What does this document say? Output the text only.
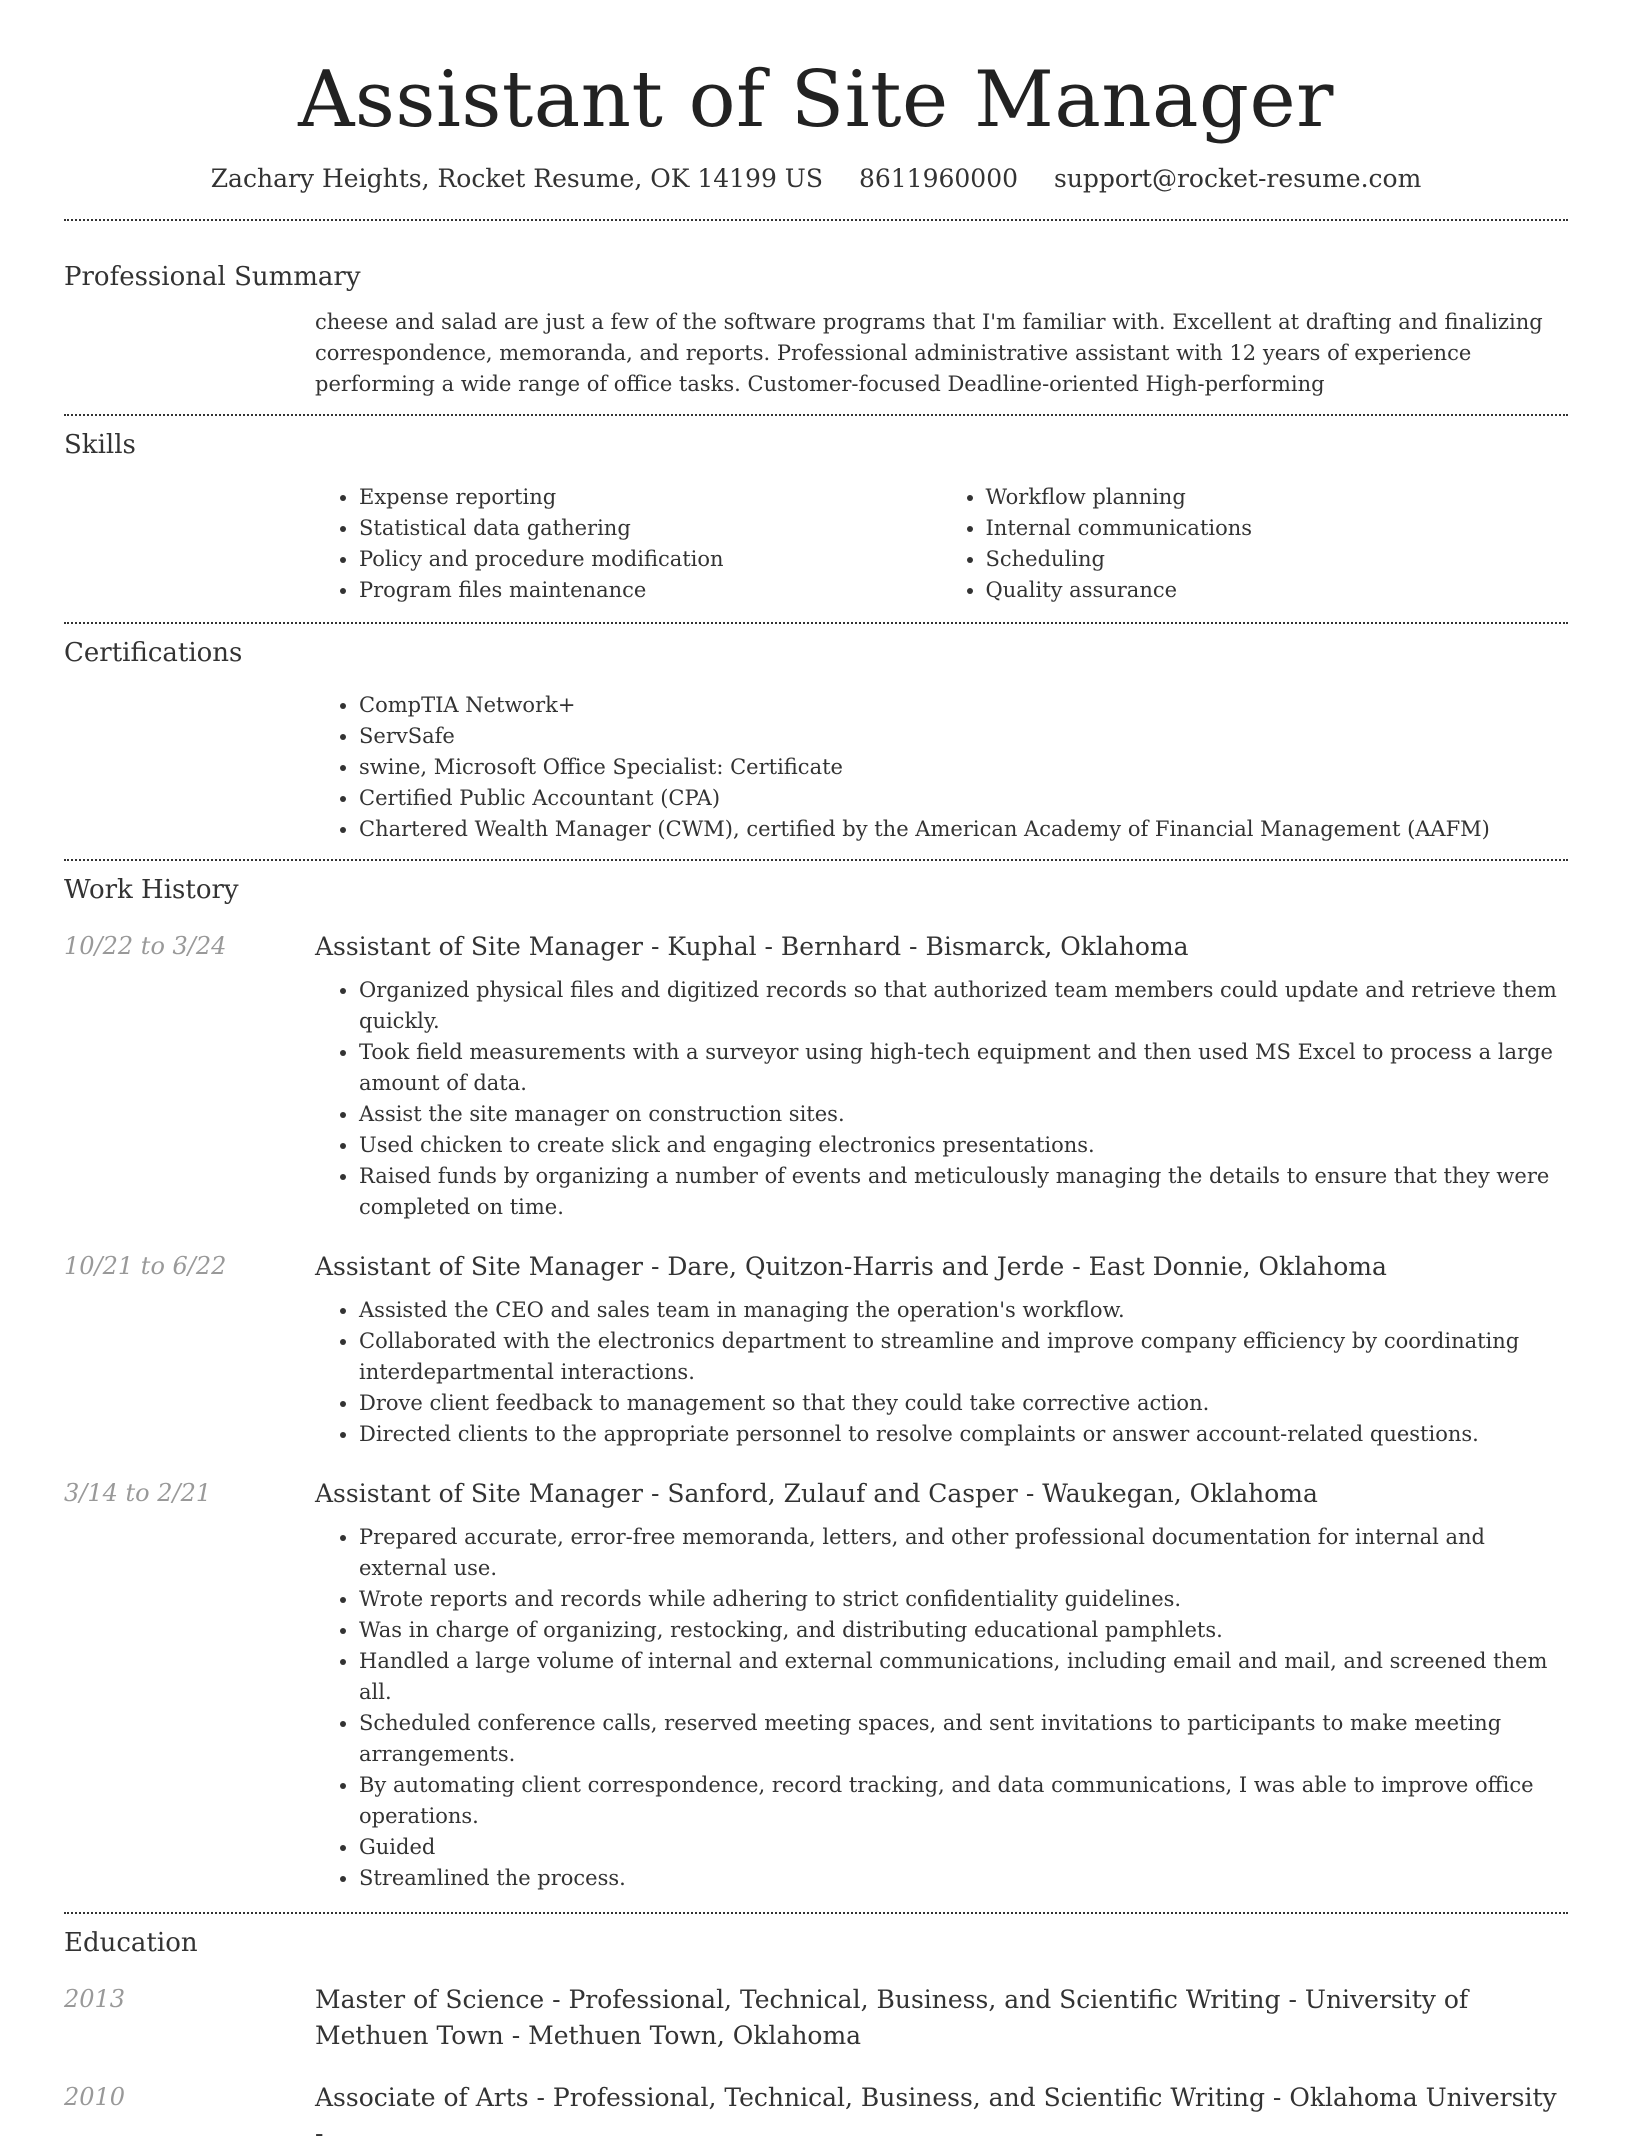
Assistant of Site Manager
Zachary Heights, Rocket Resume, OK 14199 US 8611960000 support@rocket-resume.com
Professional Summary
cheese and salad are just a few of the software programs that I'm familiar with. Excellent at drafting and finalizing correspondence, memoranda, and reports. Professional administrative assistant with 12 years of experience performing a wide range of office tasks. Customer-focused Deadline-oriented High-performing
Skills
• Expense reporting
• Statistical data gathering
• Policy and procedure modification
• Program files maintenance
• Workflow planning
• Internal communications
• Scheduling
• Quality assurance
Certifications
• CompTIA Network+
• ServSafe
• swine, Microsoft Office Specialist: Certificate
• Certified Public Accountant (CPA)
• Chartered Wealth Manager (CWM), certified by the American Academy of Financial Management (AAFM)
Work History
10/22 to 3/24	Assistant of Site Manager - Kuphal - Bernhard - Bismarck, Oklahoma
• Organized physical files and digitized records so that authorized team members could update and retrieve them quickly.
• Took field measurements with a surveyor using high-tech equipment and then used MS Excel to process a large amount of data.
• Assist the site manager on construction sites.
• Used chicken to create slick and engaging electronics presentations.
• Raised funds by organizing a number of events and meticulously managing the details to ensure that they were completed on time.
10/21 to 6/22	Assistant of Site Manager - Dare, Quitzon-Harris and Jerde - East Donnie, Oklahoma
• Assisted the CEO and sales team in managing the operation's workflow.
• Collaborated with the electronics department to streamline and improve company efficiency by coordinating interdepartmental interactions.
• Drove client feedback to management so that they could take corrective action.
• Directed clients to the appropriate personnel to resolve complaints or answer account-related questions.
3/14 to 2/21	Assistant of Site Manager - Sanford, Zulauf and Casper - Waukegan, Oklahoma
• Prepared accurate, error-free memoranda, letters, and other professional documentation for internal and external use.
• Wrote reports and records while adhering to strict confidentiality guidelines.
• Was in charge of organizing, restocking, and distributing educational pamphlets.
• Handled a large volume of internal and external communications, including email and mail, and screened them all.
• Scheduled conference calls, reserved meeting spaces, and sent invitations to participants to make meeting arrangements.
• By automating client correspondence, record tracking, and data communications, I was able to improve office operations.
• Guided
• Streamlined the process.
Education
2013	Master of Science - Professional, Technical, Business, and Scientific Writing - University of Methuen Town - Methuen Town, Oklahoma
2010	Associate of Arts - Professional, Technical, Business, and Scientific Writing - Oklahoma University -
